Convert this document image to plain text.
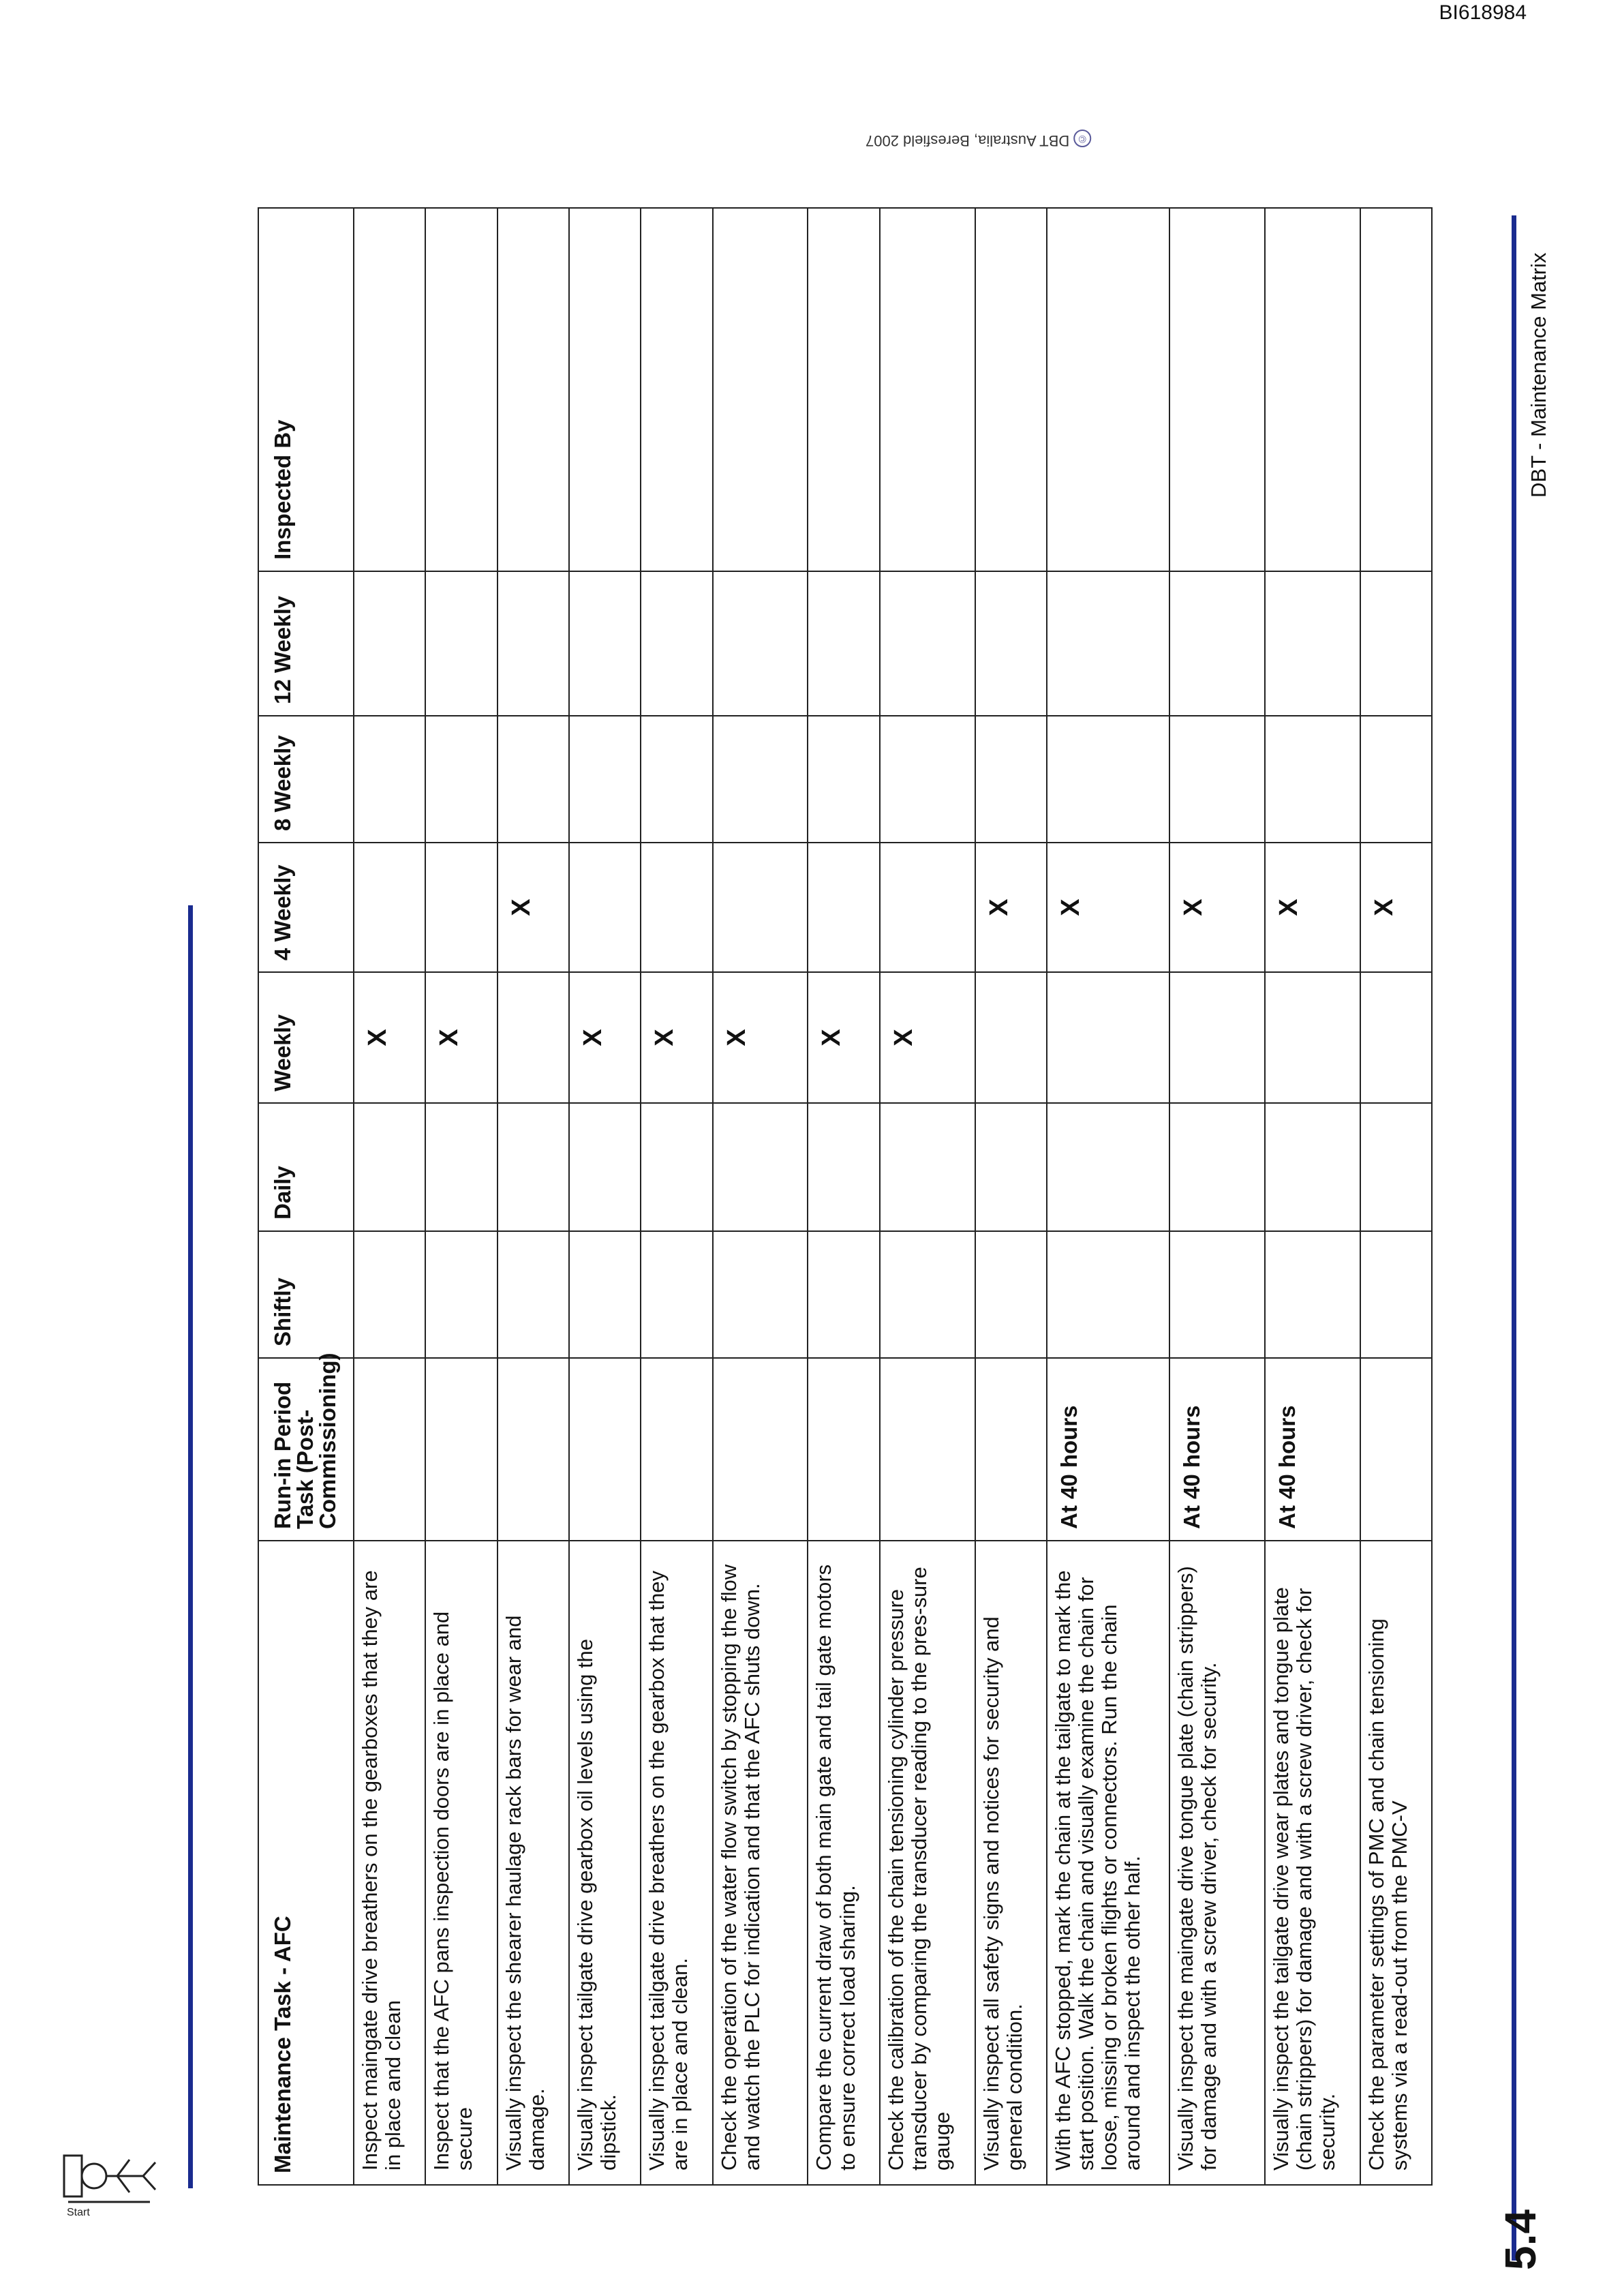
BI618984
©DBT Australia, Beresfield 2007
Start
DBT - Maintenance Matrix
5.4
Maintenance Task - AFC	Run-in Period Task (Post-Commissioning)	Shiftly	Daily	Weekly	4 Weekly	8 Weekly	12 Weekly	Inspected By
Inspect maingate drive breathers on the gearboxes that they are in place and clean				X				
Inspect that the AFC pans inspection doors are in place and secure				X				
Visually inspect the shearer haulage rack bars for wear and damage.					X			
Visually inspect tailgate drive gearbox oil levels using the dipstick.				X				
Visually inspect tailgate drive breathers on the gearbox that they are in place and clean.				X				
Check the operation of the water flow switch by stopping the flow and watch the PLC for indication and that the AFC shuts down.				X				
Compare the current draw of both main gate and tail gate motors to ensure correct load sharing.				X				
Check the calibration of the chain tensioning cylinder pressure transducer by comparing the transducer reading to the pres-sure gauge				X				
Visually inspect all safety signs and notices for security and general condition.					X			
With the AFC stopped, mark the chain at the tailgate to mark the start position. Walk the chain and visually examine the chain for loose, missing or broken flights or connectors. Run the chain around and inspect the other half.	At 40 hours				X			
Visually inspect the maingate drive tongue plate (chain strippers) for damage and with a screw driver, check for security.	At 40 hours				X			
Visually inspect the tailgate drive wear plates and tongue plate (chain strippers) for damage and with a screw driver, check for security.	At 40 hours				X			
Check the parameter settings of PMC and chain tensioning systems via a read-out from the PMC-V					X			
